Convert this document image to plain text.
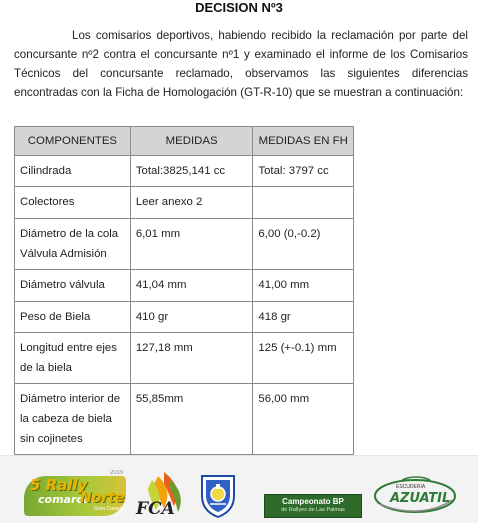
DECISION Nº3
Los comisarios deportivos, habiendo recibido la reclamación por parte del concursante nº2 contra el concursante nº1 y examinado el informe de los Comisarios Técnicos del concursante reclamado, observamos las siguientes diferencias encontradas con la Ficha de Homologación (GT-R-10) que se muestran a continuación:
COMPONENTES	MEDIDAS	MEDIDAS EN FH
Cilindrada	Total:3825,141 cc	Total: 3797 cc
Colectores	Leer anexo 2	
Diámetro de la cola Válvula Admisión	6,01 mm	6,00 (0,-0.2)
Diámetro válvula	41,04 mm	41,00 mm
Peso de Biela	410 gr	418 gr
Longitud entre ejes de la biela	127,18 mm	125 (+-0.1) mm
Diámetro interior de la cabeza de biela sin cojinetes	55,85mm	56,00 mm
2019
5 Rally
comarca
Norte
Gran Canaria FCA	Campeonato BP
de Rallyes de Las Palmas
ESCUDERIA
AZUATIL
